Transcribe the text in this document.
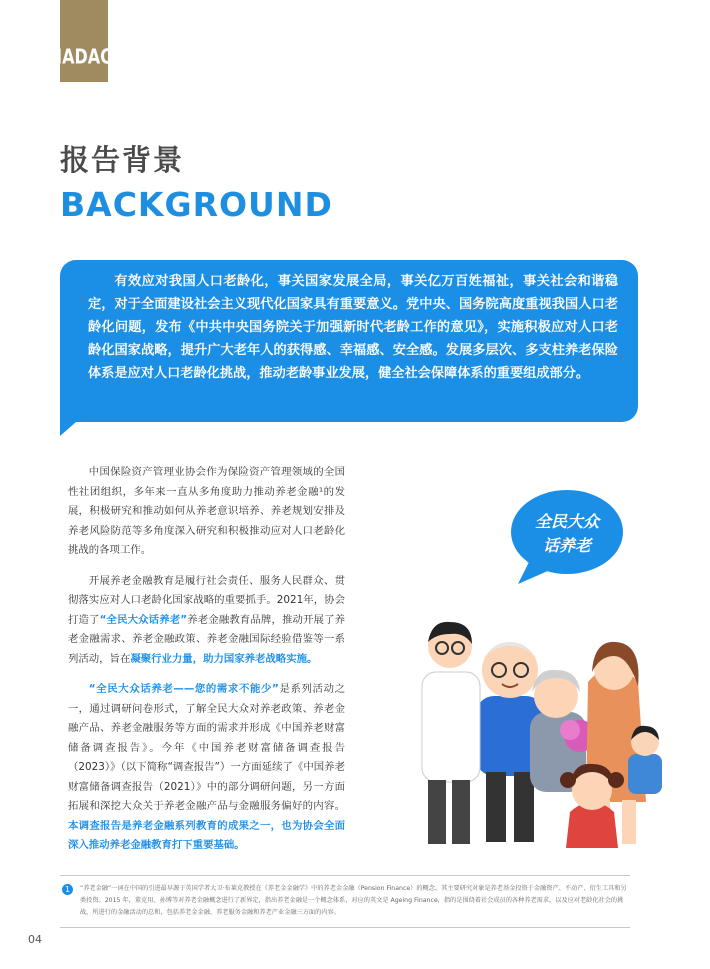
IADAC
报告背景
BACKGROUND

有效应对我国人口老龄化，事关国家发展全局，事关亿万百姓福祉，事关社会和谐稳定，对于全面建设社会主义现代化国家具有重要意义。党中央、国务院高度重视我国人口老龄化问题，发布《中共中央国务院关于加强新时代老龄工作的意见》，实施积极应对人口老龄化国家战略，提升广大老年人的获得感、幸福感、安全感。发展多层次、多支柱养老保险体系是应对人口老龄化挑战，推动老龄事业发展，健全社会保障体系的重要组成部分。

中国保险资产管理业协会作为保险资产管理领域的全国性社团组织，多年来一直从多角度助力推动养老金融¹的发展，积极研究和推动如何从养老意识培养、养老规划安排及养老风险防范等多角度深入研究和积极推动应对人口老龄化挑战的各项工作。

开展养老金融教育是履行社会责任、服务人民群众、贯彻落实应对人口老龄化国家战略的重要抓手。2021年，协会打造了“全民大众话养老”养老金融教育品牌，推动开展了养老金融需求、养老金融政策、养老金融国际经验借鉴等一系列活动，旨在凝聚行业力量，助力国家养老战略实施。

“全民大众话养老——您的需求不能少”是系列活动之一，通过调研问卷形式，了解全民大众对养老政策、养老金融产品、养老金融服务等方面的需求并形成《中国养老财富储备调查报告》。今年《中国养老财富储备调查报告（2023）》（以下简称“调查报告”）一方面延续了《中国养老财富储备调查报告（2021）》中的部分调研问题，另一方面拓展和深挖大众关于养老金融产品与金融服务偏好的内容。本调查报告是养老金融系列教育的成果之一，也为协会全面深入推动养老金融教育打下重要基础。

全民大众
话养老
1	“养老金融”一词在中国的引进最早源于英国学者大卫·布莱克教授在《养老金金融学》中的养老金金融（Pension Finance）的概念。其主要研究对象是养老基金投资于金融资产、不动产、衍生工具和另类投资。2015 年，董克用、孙博等对养老金融概念进行了新界定，指出养老金融是一个概念体系，对应的英文是 Ageing Finance，指的是围绕着社会成员的各种养老需求，以及应对老龄化社会的挑战，所进行的金融活动的总和，包括养老金金融、养老服务金融和养老产业金融三方面的内容。

04
